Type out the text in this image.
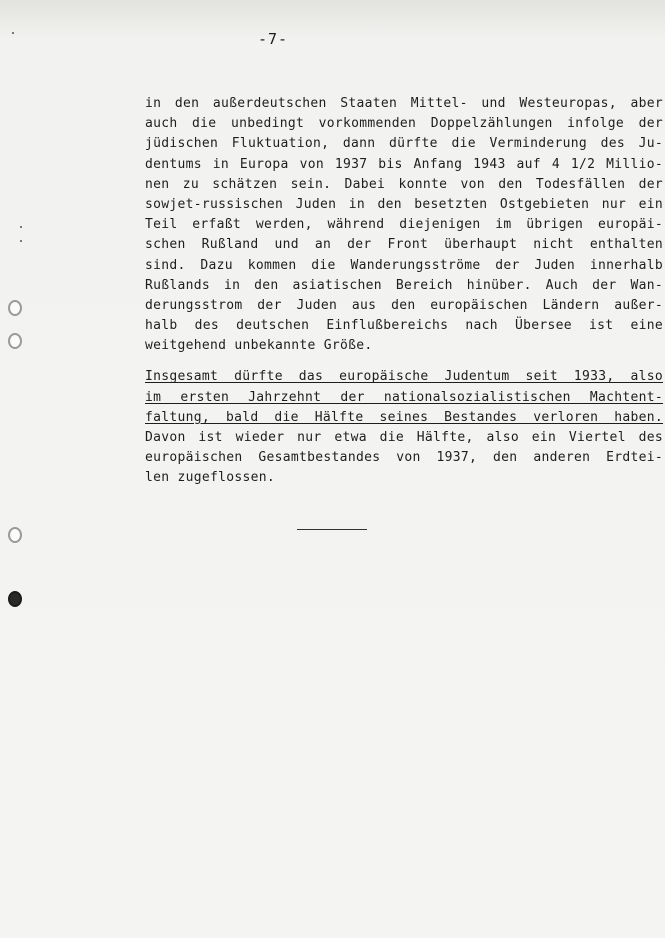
-7-
in den außerdeutschen Staaten Mittel- und Westeuropas, aber
auch die unbedingt vorkommenden Doppelzählungen infolge der
jüdischen Fluktuation, dann dürfte die Verminderung des Ju-
dentums in Europa von 1937 bis Anfang 1943 auf 4 1/2 Millio-
nen zu schätzen sein. Dabei konnte von den Todesfällen der
sowjet-russischen Juden in den besetzten Ostgebieten nur ein
Teil erfaßt werden, während diejenigen im übrigen europäi-
schen Rußland und an der Front überhaupt nicht enthalten
sind. Dazu kommen die Wanderungsströme der Juden innerhalb
Rußlands in den asiatischen Bereich hinüber. Auch der Wan-
derungsstrom der Juden aus den europäischen Ländern außer-
halb des deutschen Einflußbereichs nach Übersee ist eine
weitgehend unbekannte Größe.
Insgesamt dürfte das europäische Judentum seit 1933, also
im ersten Jahrzehnt der nationalsozialistischen Machtent-
faltung, bald die Hälfte seines Bestandes verloren haben.
Davon ist wieder nur etwa die Hälfte, also ein Viertel des
europäischen Gesamtbestandes von 1937, den anderen Erdtei-
len zugeflossen.
